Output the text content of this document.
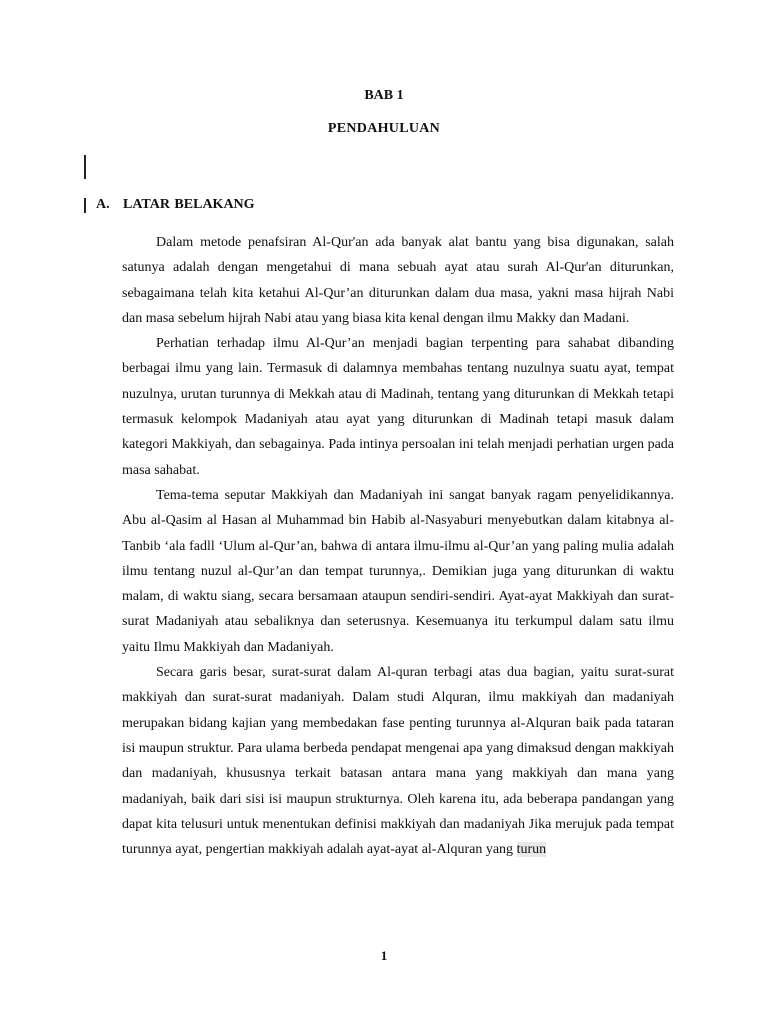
BAB 1
PENDAHULUAN
A. LATAR BELAKANG

Dalam metode penafsiran Al-Qur'an ada banyak alat bantu yang bisa digunakan, salah satunya adalah dengan mengetahui di mana sebuah ayat atau surah Al-Qur'an diturunkan, sebagaimana telah kita ketahui Al-Qur’an diturunkan dalam dua masa, yakni masa hijrah Nabi dan masa sebelum hijrah Nabi atau yang biasa kita kenal dengan ilmu Makky dan Madani.

Perhatian terhadap ilmu Al-Qur’an menjadi bagian terpenting para sahabat dibanding berbagai ilmu yang lain. Termasuk di dalamnya membahas tentang nuzulnya suatu ayat, tempat nuzulnya, urutan turunnya di Mekkah atau di Madinah, tentang yang diturunkan di Mekkah tetapi termasuk kelompok Madaniyah atau ayat yang diturunkan di Madinah tetapi masuk dalam kategori Makkiyah, dan sebagainya. Pada intinya persoalan ini telah menjadi perhatian urgen pada masa sahabat.

Tema-tema seputar Makkiyah dan Madaniyah ini sangat banyak ragam penyelidikannya. Abu al-Qasim al Hasan al Muhammad bin Habib al-Nasyaburi menyebutkan dalam kitabnya al-Tanbib ‘ala fadll ‘Ulum al-Qur’an, bahwa di antara ilmu-ilmu al-Qur’an yang paling mulia adalah ilmu tentang nuzul al-Qur’an dan tempat turunnya,. Demikian juga yang diturunkan di waktu malam, di waktu siang, secara bersamaan ataupun sendiri-sendiri. Ayat-ayat Makkiyah dan surat-surat Madaniyah atau sebaliknya dan seterusnya. Kesemuanya itu terkumpul dalam satu ilmu yaitu Ilmu Makkiyah dan Madaniyah.

Secara garis besar, surat-surat dalam Al-quran terbagi atas dua bagian, yaitu surat-surat makkiyah dan surat-surat madaniyah. Dalam studi Alquran, ilmu makkiyah dan madaniyah merupakan bidang kajian yang membedakan fase penting turunnya al-Alquran baik pada tataran isi maupun struktur. Para ulama berbeda pendapat mengenai apa yang dimaksud dengan makkiyah dan madaniyah, khususnya terkait batasan antara mana yang makkiyah dan mana yang madaniyah, baik dari sisi isi maupun strukturnya. Oleh karena itu, ada beberapa pandangan yang dapat kita telusuri untuk menentukan definisi makkiyah dan madaniyah Jika merujuk pada tempat turunnya ayat, pengertian makkiyah adalah ayat-ayat al-Alquran yang turun

1
